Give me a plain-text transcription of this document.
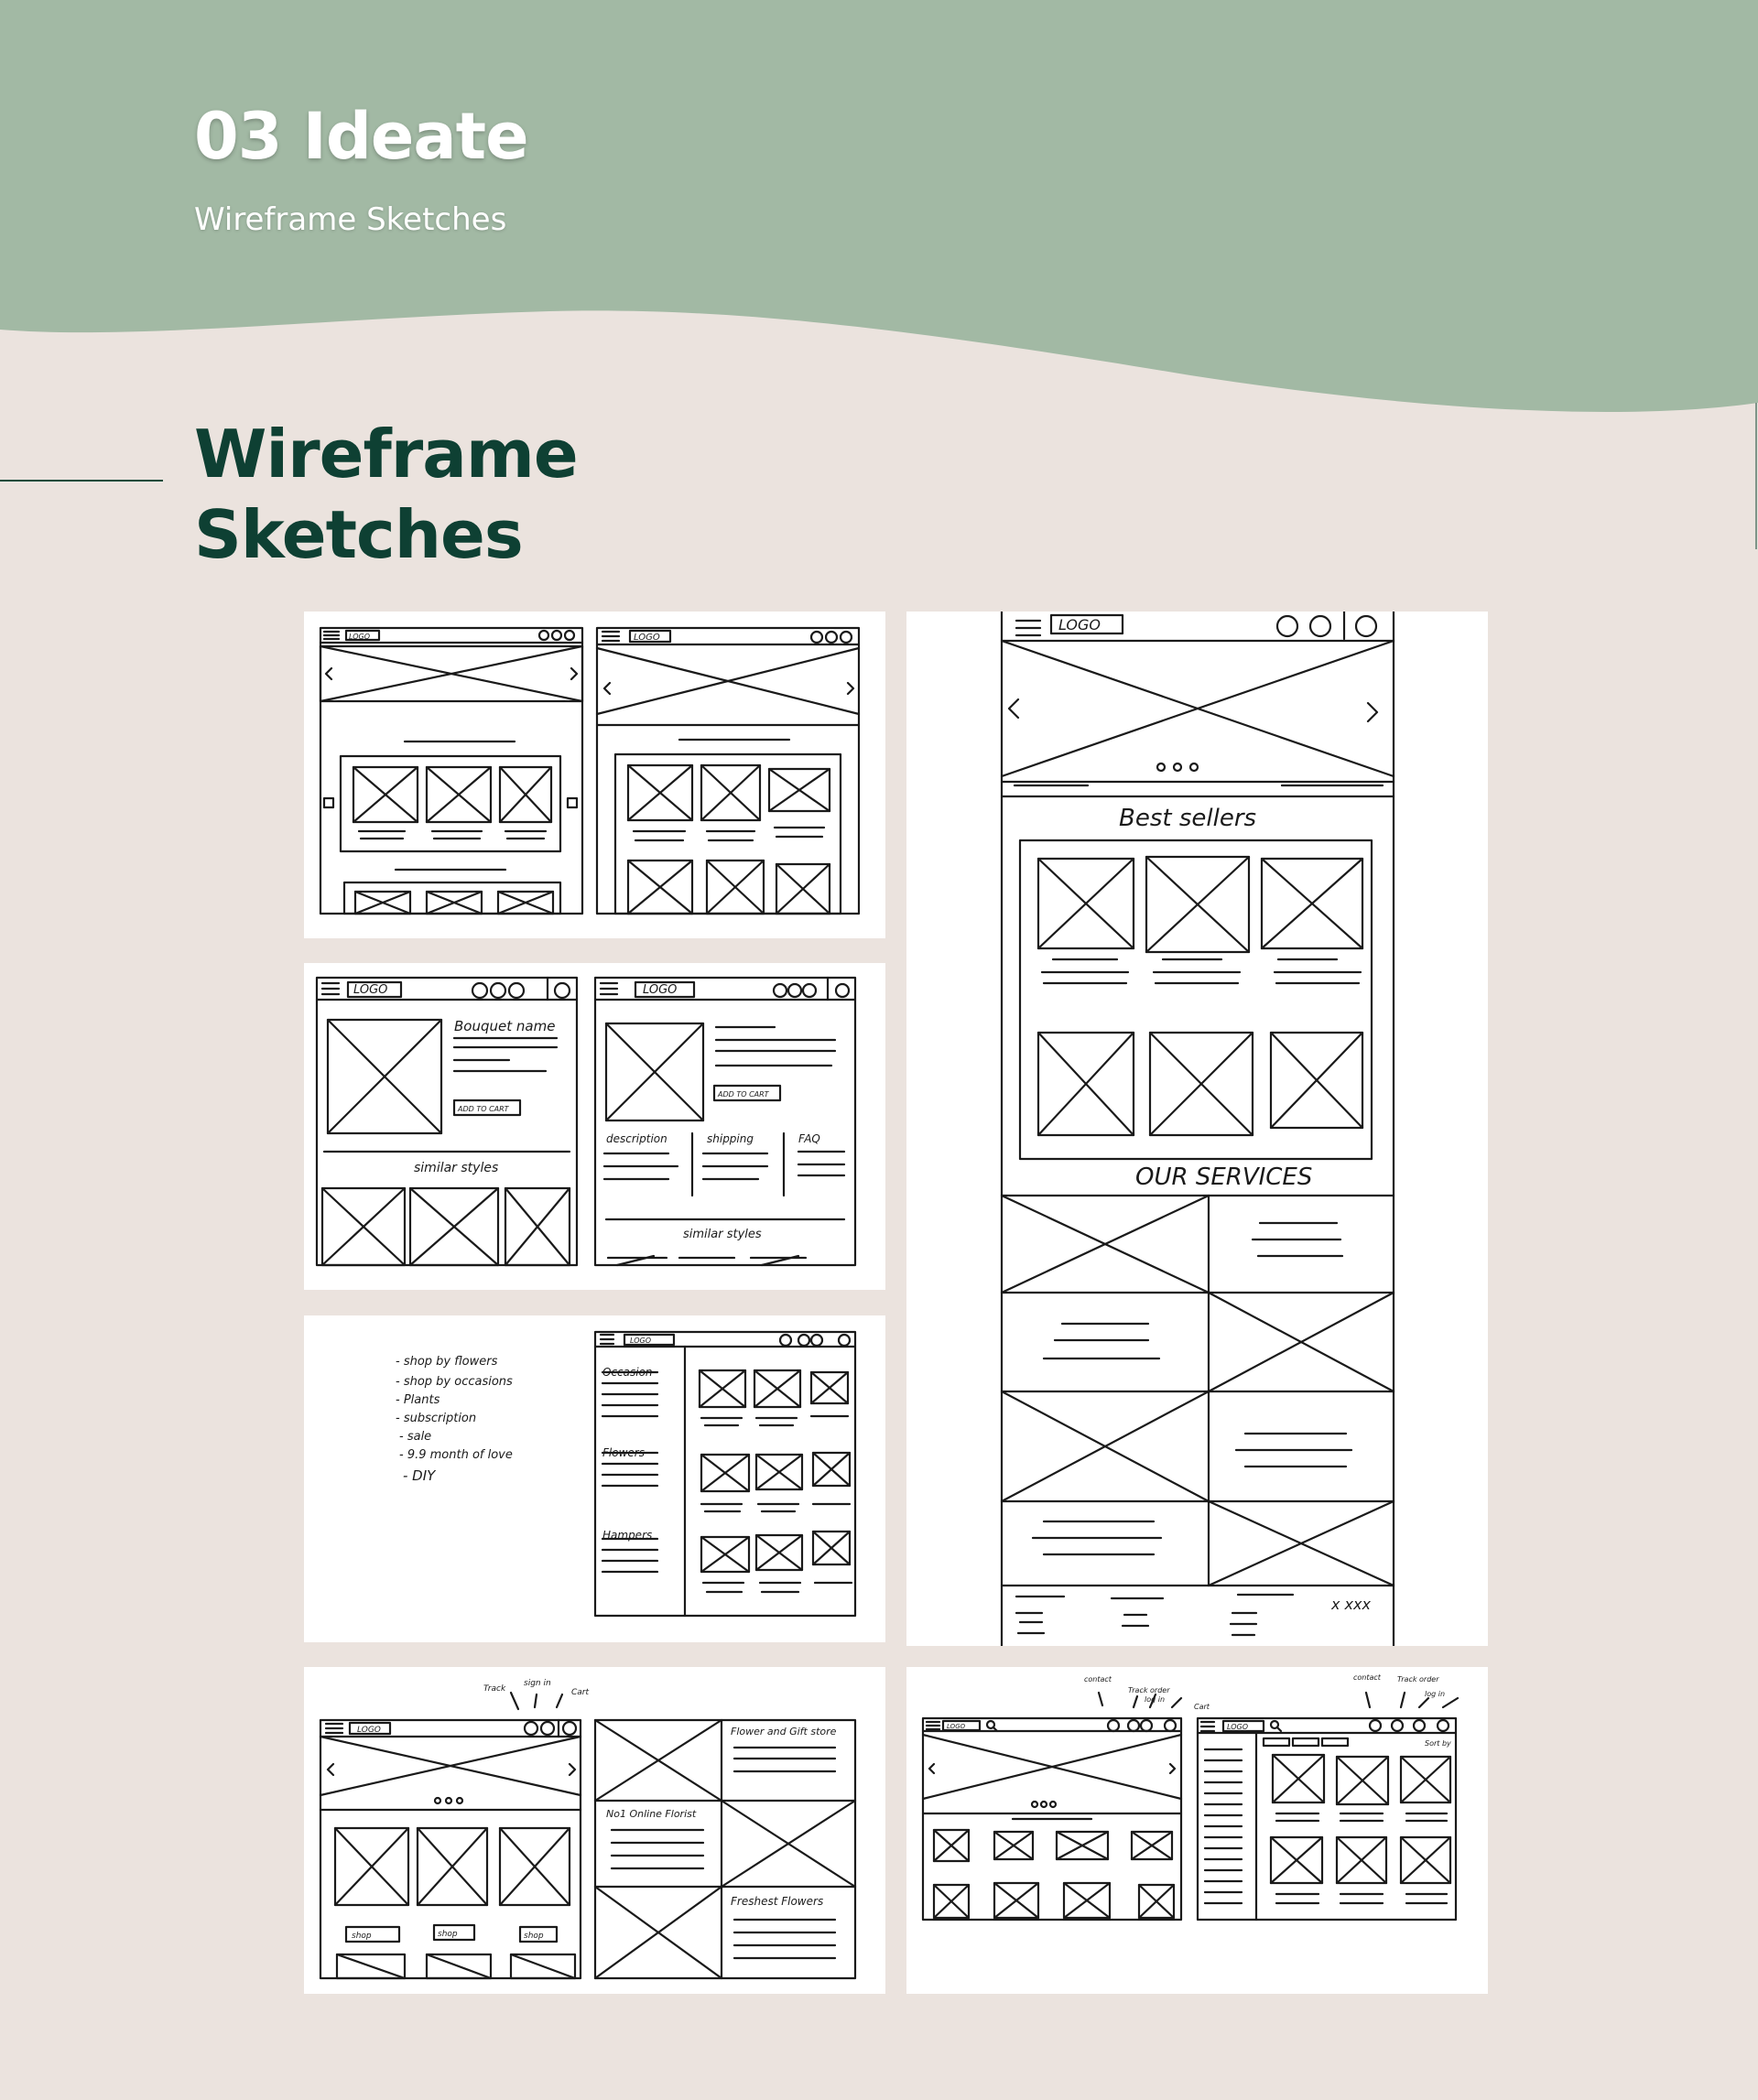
03 Ideate

Wireframe Sketches

Wireframe
Sketches
LOGO	LOGO
LOGO	LOGO
Bouquet name
ADD TO CART
ADD TO CART
similar styles
similar styles
description	shipping	FAQ
- shop by flowers
- shop by occasions
- Plants
- subscription
- sale
- 9.9 month of love
- DIY
LOGO
Occasion
Flowers
Hampers
LOGO
Track
sign in
Cart
shop	shop	shop
Flower and Gift store
No1 Online Florist
Freshest Flowers
LOGO
Best sellers
OUR SERVICES
x xxx
LOGO	LOGO
contact
Track order
log in
Cart
contact Track order
log in
Sort by
